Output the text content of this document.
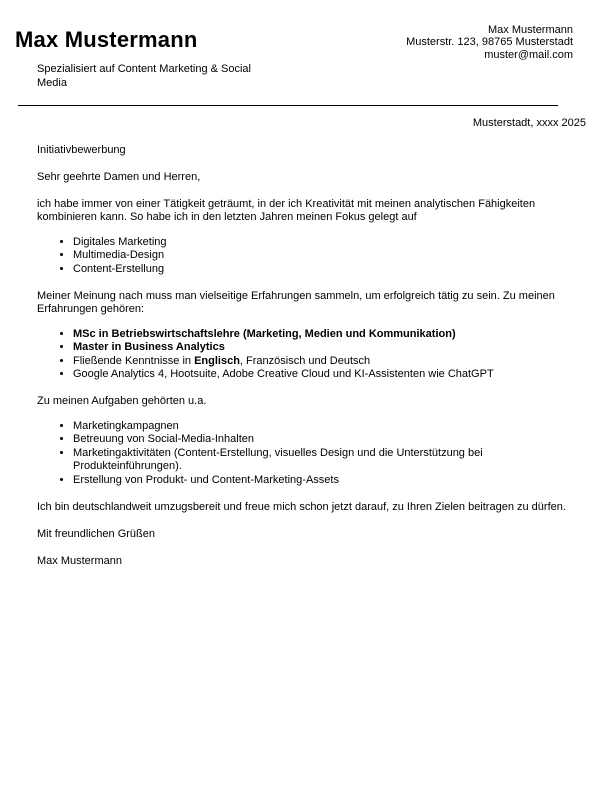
Max Mustermann
Spezialisiert auf Content Marketing & Social Media
Max Mustermann
Musterstr. 123, 98765 Musterstadt
muster@mail.com
Musterstadt, xxxx 2025

Initiativbewerbung

Sehr geehrte Damen und Herren,

ich habe immer von einer Tätigkeit geträumt, in der ich Kreativität mit meinen analytischen Fähigkeiten kombinieren kann. So habe ich in den letzten Jahren meinen Fokus gelegt auf

• Digitales Marketing
• Multimedia-Design
• Content-Erstellung

Meiner Meinung nach muss man vielseitige Erfahrungen sammeln, um erfolgreich tätig zu sein. Zu meinen Erfahrungen gehören:

• MSc in Betriebswirtschaftslehre (Marketing, Medien und Kommunikation)
• Master in Business Analytics
• Fließende Kenntnisse in Englisch, Französisch und Deutsch
• Google Analytics 4, Hootsuite, Adobe Creative Cloud und KI-Assistenten wie ChatGPT

Zu meinen Aufgaben gehörten u.a.

• Marketingkampagnen
• Betreuung von Social-Media-Inhalten
• Marketingaktivitäten (Content-Erstellung, visuelles Design und die Unterstützung bei Produkteinführungen).
• Erstellung von Produkt- und Content-Marketing-Assets

Ich bin deutschlandweit umzugsbereit und freue mich schon jetzt darauf, zu Ihren Zielen beitragen zu dürfen.

Mit freundlichen Grüßen

Max Mustermann
